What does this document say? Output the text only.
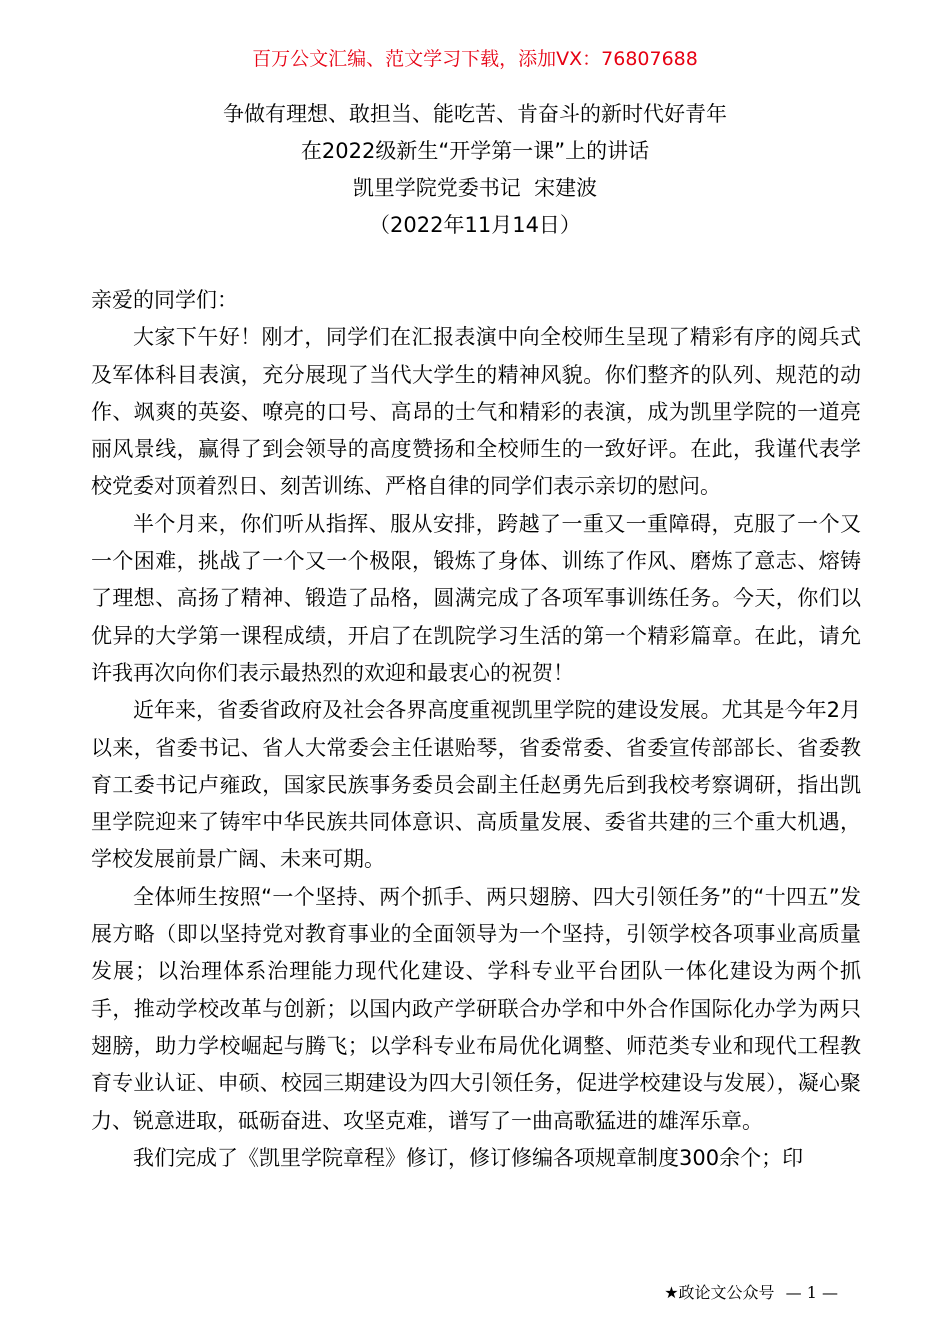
百万公文汇编、范文学习下载，添加VX：76807688
争做有理想、敢担当、能吃苦、肯奋斗的新时代好青年
在2022级新生“开学第一课”上的讲话
凯里学院党委书记  宋建波
（2022年11月14日）

亲爱的同学们：

大家下午好！刚才，同学们在汇报表演中向全校师生呈现了精彩有序的阅兵式及军体科目表演，充分展现了当代大学生的精神风貌。你们整齐的队列、规范的动作、飒爽的英姿、嘹亮的口号、高昂的士气和精彩的表演，成为凯里学院的一道亮丽风景线，赢得了到会领导的高度赞扬和全校师生的一致好评。在此，我谨代表学校党委对顶着烈日、刻苦训练、严格自律的同学们表示亲切的慰问。

半个月来，你们听从指挥、服从安排，跨越了一重又一重障碍，克服了一个又一个困难，挑战了一个又一个极限，锻炼了身体、训练了作风、磨炼了意志、熔铸了理想、高扬了精神、锻造了品格，圆满完成了各项军事训练任务。今天，你们以优异的大学第一课程成绩，开启了在凯院学习生活的第一个精彩篇章。在此，请允许我再次向你们表示最热烈的欢迎和最衷心的祝贺！

近年来，省委省政府及社会各界高度重视凯里学院的建设发展。尤其是今年2月以来，省委书记、省人大常委会主任谌贻琴，省委常委、省委宣传部部长、省委教育工委书记卢雍政，国家民族事务委员会副主任赵勇先后到我校考察调研，指出凯里学院迎来了铸牢中华民族共同体意识、高质量发展、委省共建的三个重大机遇，学校发展前景广阔、未来可期。

全体师生按照“一个坚持、两个抓手、两只翅膀、四大引领任务”的“十四五”发展方略（即以坚持党对教育事业的全面领导为一个坚持，引领学校各项事业高质量发展；以治理体系治理能力现代化建设、学科专业平台团队一体化建设为两个抓手，推动学校改革与创新；以国内政产学研联合办学和中外合作国际化办学为两只翅膀，助力学校崛起与腾飞；以学科专业布局优化调整、师范类专业和现代工程教育专业认证、申硕、校园三期建设为四大引领任务，促进学校建设与发展），凝心聚力、锐意进取，砥砺奋进、攻坚克难，谱写了一曲高歌猛进的雄浑乐章。

我们完成了《凯里学院章程》修订，修订修编各项规章制度300余个；印

★政论文公众号 — 1 —
